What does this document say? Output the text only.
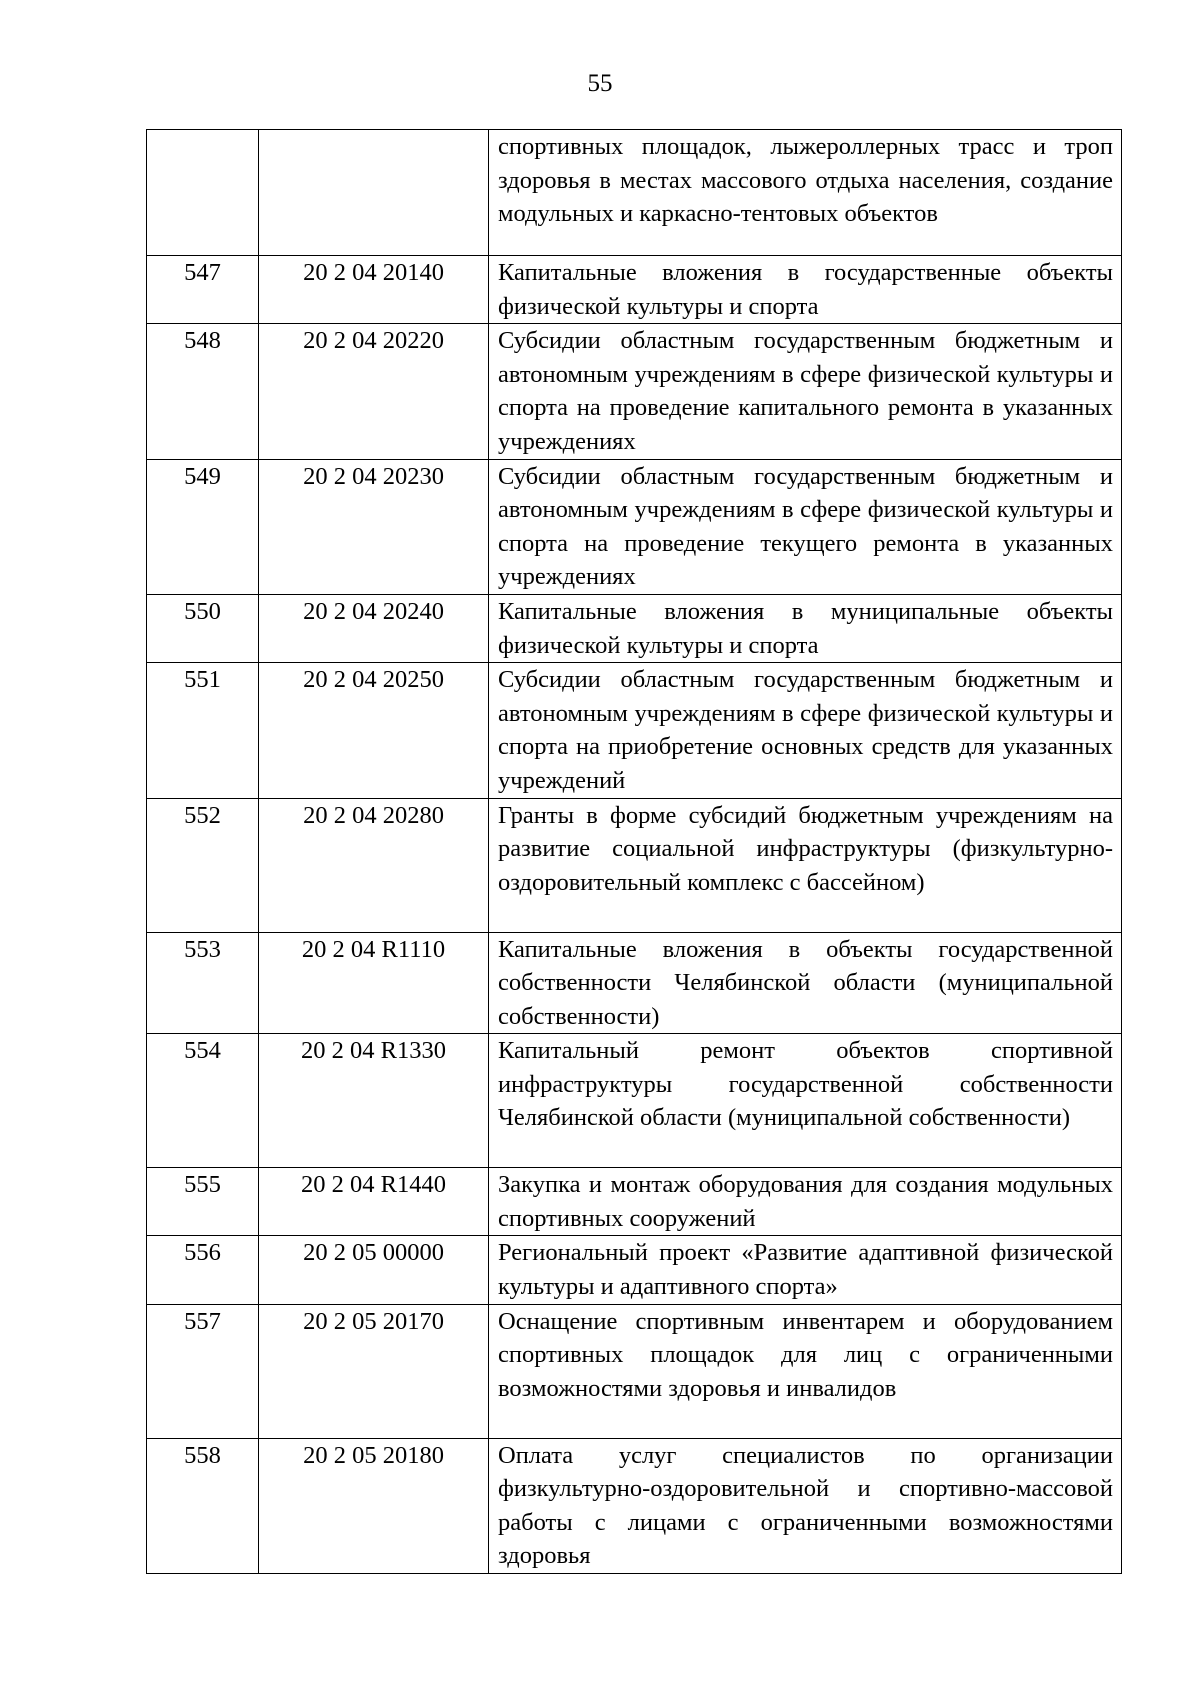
55

		спортивных площадок, лыжероллерных трасс и троп здоровья в местах массового отдыха населения, создание модульных и каркасно-тентовых объектов

547	20 2 04 20140	Капитальные вложения в государственные объекты физической культуры и спорта

548	20 2 04 20220	Субсидии областным государственным бюджетным и автономным учреждениям в сфере физической культуры и спорта на проведение капитального ремонта в указанных учреждениях

549	20 2 04 20230	Субсидии областным государственным бюджетным и автономным учреждениям в сфере физической культуры и спорта на проведение текущего ремонта в указанных учреждениях

550	20 2 04 20240	Капитальные вложения в муниципальные объекты физической культуры и спорта

551	20 2 04 20250	Субсидии областным государственным бюджетным и автономным учреждениям в сфере физической культуры и спорта на приобретение основных средств для указанных учреждений

552	20 2 04 20280	Гранты в форме субсидий бюджетным учреждениям на развитие социальной инфраструктуры (физкультурно-оздоровительный комплекс с бассейном)

553	20 2 04 R1110	Капитальные вложения в объекты государственной собственности Челябинской области (муниципальной собственности)

554	20 2 04 R1330	Капитальный ремонт объектов спортивной инфраструктуры государственной собственности Челябинской области (муниципальной собственности)

555	20 2 04 R1440	Закупка и монтаж оборудования для создания модульных спортивных сооружений

556	20 2 05 00000	Региональный проект «Развитие адаптивной физической культуры и адаптивного спорта»

557	20 2 05 20170	Оснащение спортивным инвентарем и оборудованием спортивных площадок для лиц с ограниченными возможностями здоровья и инвалидов

558	20 2 05 20180	Оплата услуг специалистов по организации физкультурно-оздоровительной и спортивно-массовой работы с лицами с ограниченными возможностями здоровья
